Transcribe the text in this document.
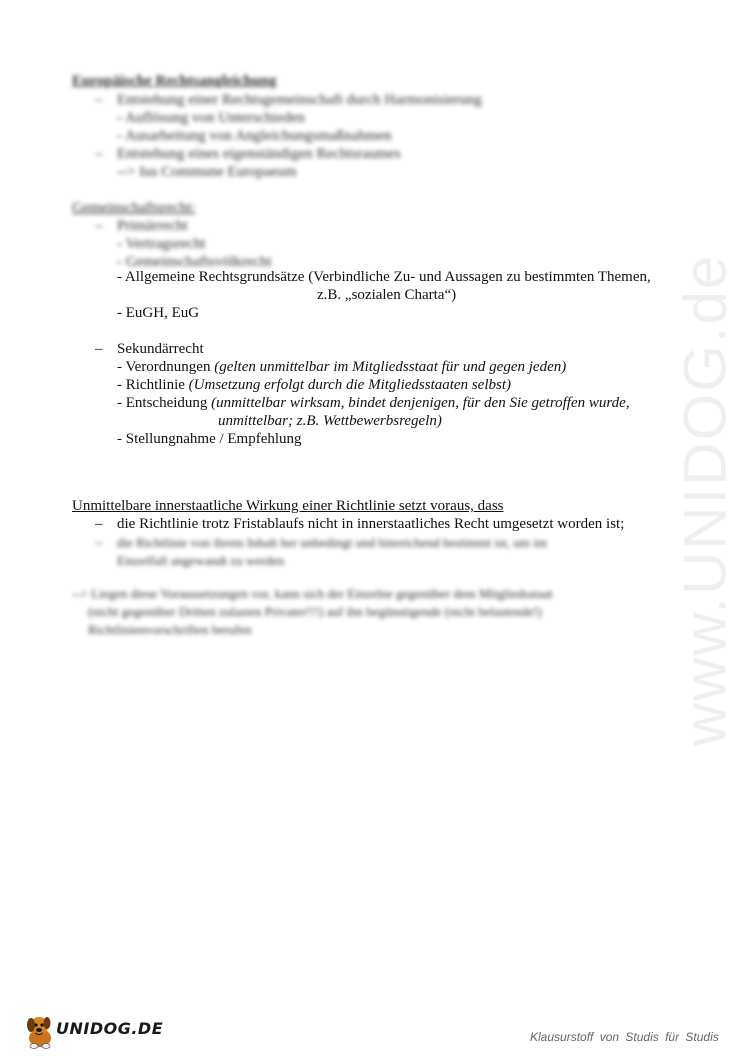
Europäische Rechtsangleichung
– Entstehung einer Rechtsgemeinschaft durch Harmonisierung
- Auflösung von Unterschieden
- Ausarbeitung von Angleichungsmaßnahmen
– Entstehung eines eigenständigen Rechtsraumes
--> Ius Commune Europaeum
Gemeinschaftsrecht:
– Primärrecht
- Vertragsrecht
- Gemeinschaftsvölkrecht
- Allgemeine Rechtsgrundsätze (Verbindliche Zu- und Aussagen zu bestimmten Themen,
z.B. „sozialen Charta“)
- EuGH, EuG
– Sekundärrecht
- Verordnungen (gelten unmittelbar im Mitgliedsstaat für und gegen jeden)
- Richtlinie (Umsetzung erfolgt durch die Mitgliedsstaaten selbst)
- Entscheidung (unmittelbar wirksam, bindet denjenigen, für den Sie getroffen wurde,
unmittelbar; z.B. Wettbewerbsregeln)
- Stellungnahme / Empfehlung
Unmittelbare innerstaatliche Wirkung einer Richtlinie setzt voraus, dass
– die Richtlinie trotz Fristablaufs nicht in innerstaatliches Recht umgesetzt worden ist;
– die Richtlinie von ihrem Inhalt her unbedingt und hinreichend bestimmt ist, um im
Einzelfall angewandt zu werden
--> Liegen diese Voraussetzungen vor, kann sich der Einzelne gegenüber dem Mitgliedsstaat
(nicht gegenüber Dritten zulasten Privater!!!) auf ihn begünstigende (nicht belastende!)
Richtlinienvorschriften berufen	www.UNIDOG.de
UNIDOG.DE	Klausurstoff von Studis für Studis
